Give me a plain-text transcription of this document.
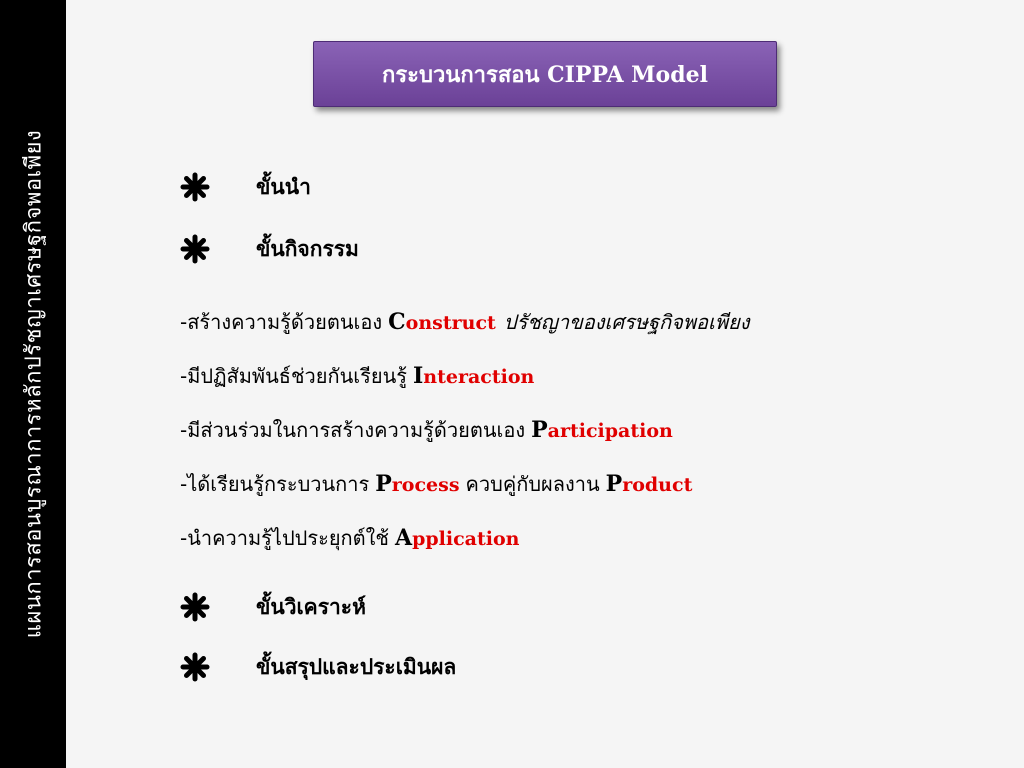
แผนการสอนบูรณาการหลักปรัชญาเศรษฐกิจพอเพียง
กระบวนการสอน CIPPA Model
ขั้นนำ
ขั้นกิจกรรม
-สร้างความรู้ด้วยตนเอง C onstruct ปรัชญาของเศรษฐกิจพอเพียง
-มีปฏิสัมพันธ์ช่วยกันเรียนรู้ I nteraction
-มีส่วนร่วมในการสร้างความรู้ด้วยตนเอง P articipation
-ได้เรียนรู้กระบวนการ P rocess ควบคู่กับผลงาน P roduct
-นำความรู้ไปประยุกต์ใช้ A pplication
ขั้นวิเคราะห์
ขั้นสรุปและประเมินผล
